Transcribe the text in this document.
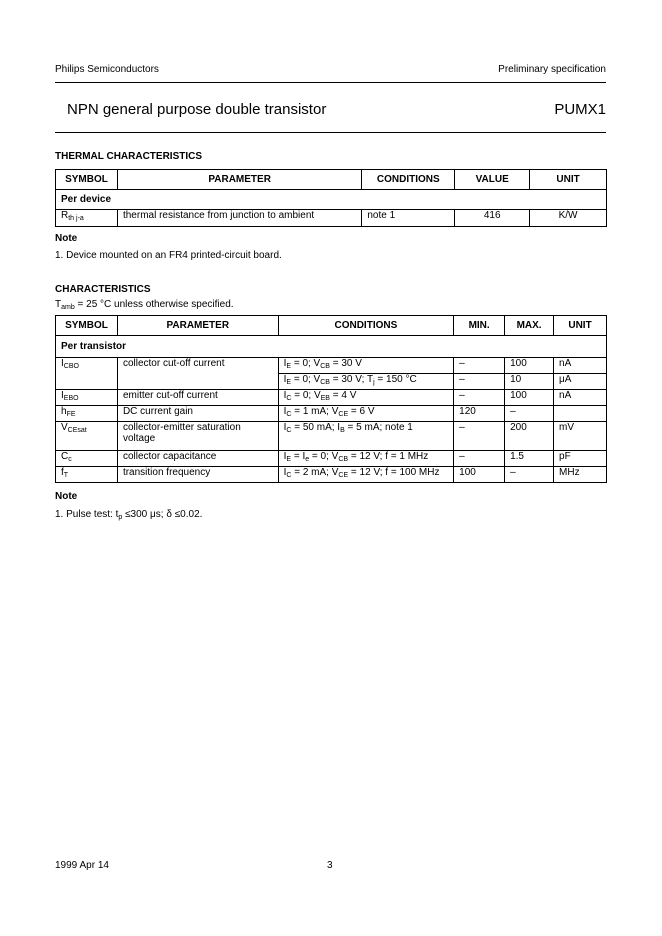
Philips Semiconductors	Preliminary specification
NPN general purpose double transistor	PUMX1
THERMAL CHARACTERISTICS
SYMBOL	PARAMETER	CONDITIONS	VALUE	UNIT
Per device				
$R_{th j-a}$	thermal resistance from junction to ambient	note 1	416	K/W
Note
1. Device mounted on an FR4 printed-circuit board.
CHARACTERISTICS
$T_{amb} = 25$ °C unless otherwise specified.
SYMBOL	PARAMETER	CONDITIONS	MIN.	MAX.	UNIT
Per transistor					
$I_{CBO}$	collector cut-off current	$I_E = 0$; $V_{CB} = 30$ V	–	100	nA
		$I_E = 0$; $V_{CB} = 30$ V; $T_j = 150$ °C	–	10	μA
$I_{EBO}$	emitter cut-off current	$I_C = 0$; $V_{EB} = 4$ V	–	100	nA
$h_{FE}$	DC current gain	$I_C = 1$ mA; $V_{CE} = 6$ V	120	–	
$V_{CEsat}$	collector-emitter saturation
voltage	$I_C = 50$ mA; $I_B = 5$ mA; note 1	–	200	mV
$C_c$	collector capacitance	$I_E = I_e = 0$; $V_{CB} = 12$ V; f = 1 MHz	–	1.5	pF
$f_T$	transition frequency	$I_C = 2$ mA; $V_{CE} = 12$ V; f = 100 MHz	100	–	MHz
Note
1. Pulse test: $t_p \le 300$ μs; δ ≤0.02.
1999 Apr 14	3
